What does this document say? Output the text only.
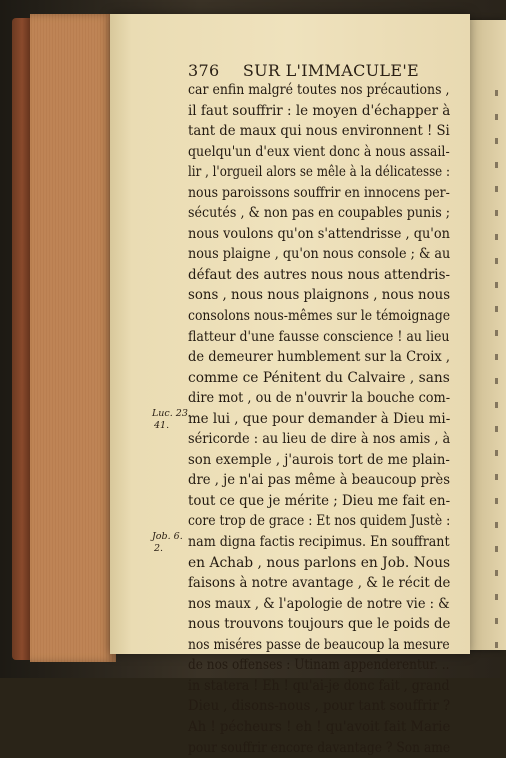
376 SUR L'IMMACULE'E
car enfin malgré toutes nos précautions ,
il faut souffrir : le moyen d'échapper à
tant de maux qui nous environnent ! Si
quelqu'un d'eux vient donc à nous assail-
lir , l'orgueil alors se mêle à la délicatesse :
nous paroissons souffrir en innocens per-
sécutés , & non pas en coupables punis ;
nous voulons qu'on s'attendrisse , qu'on
nous plaigne , qu'on nous console ; & au
défaut des autres nous nous attendris-
sons , nous nous plaignons , nous nous
consolons nous-mêmes sur le témoignage
flatteur d'une fausse conscience ! au lieu
de demeurer humblement sur la Croix ,
comme ce Pénitent du Calvaire , sans
dire mot , ou de n'ouvrir la bouche com-
me lui , que pour demander à Dieu mi-
séricorde : au lieu de dire à nos amis , à
son exemple , j'aurois tort de me plain-
dre , je n'ai pas même à beaucoup près
tout ce que je mérite ; Dieu me fait en-
core trop de grace : Et nos quidem Justè :
nam digna factis recipimus. En souffrant
en Achab , nous parlons en Job. Nous
faisons à notre avantage , & le récit de
nos maux , & l'apologie de notre vie : &
nous trouvons toujours que le poids de
nos miséres passe de beaucoup la mesure
de nos offenses : Utinam appenderentur. ..
in statera ! Eh ! qu'ai-je donc fait , grand
Dieu , disons-nous , pour tant souffrir ?
Ah ! pécheurs ! eh ! qu'avoit fait Marie
pour souffrir encore davantage ? Son ame
Luc. 23.
41.
Job. 6.
2.
